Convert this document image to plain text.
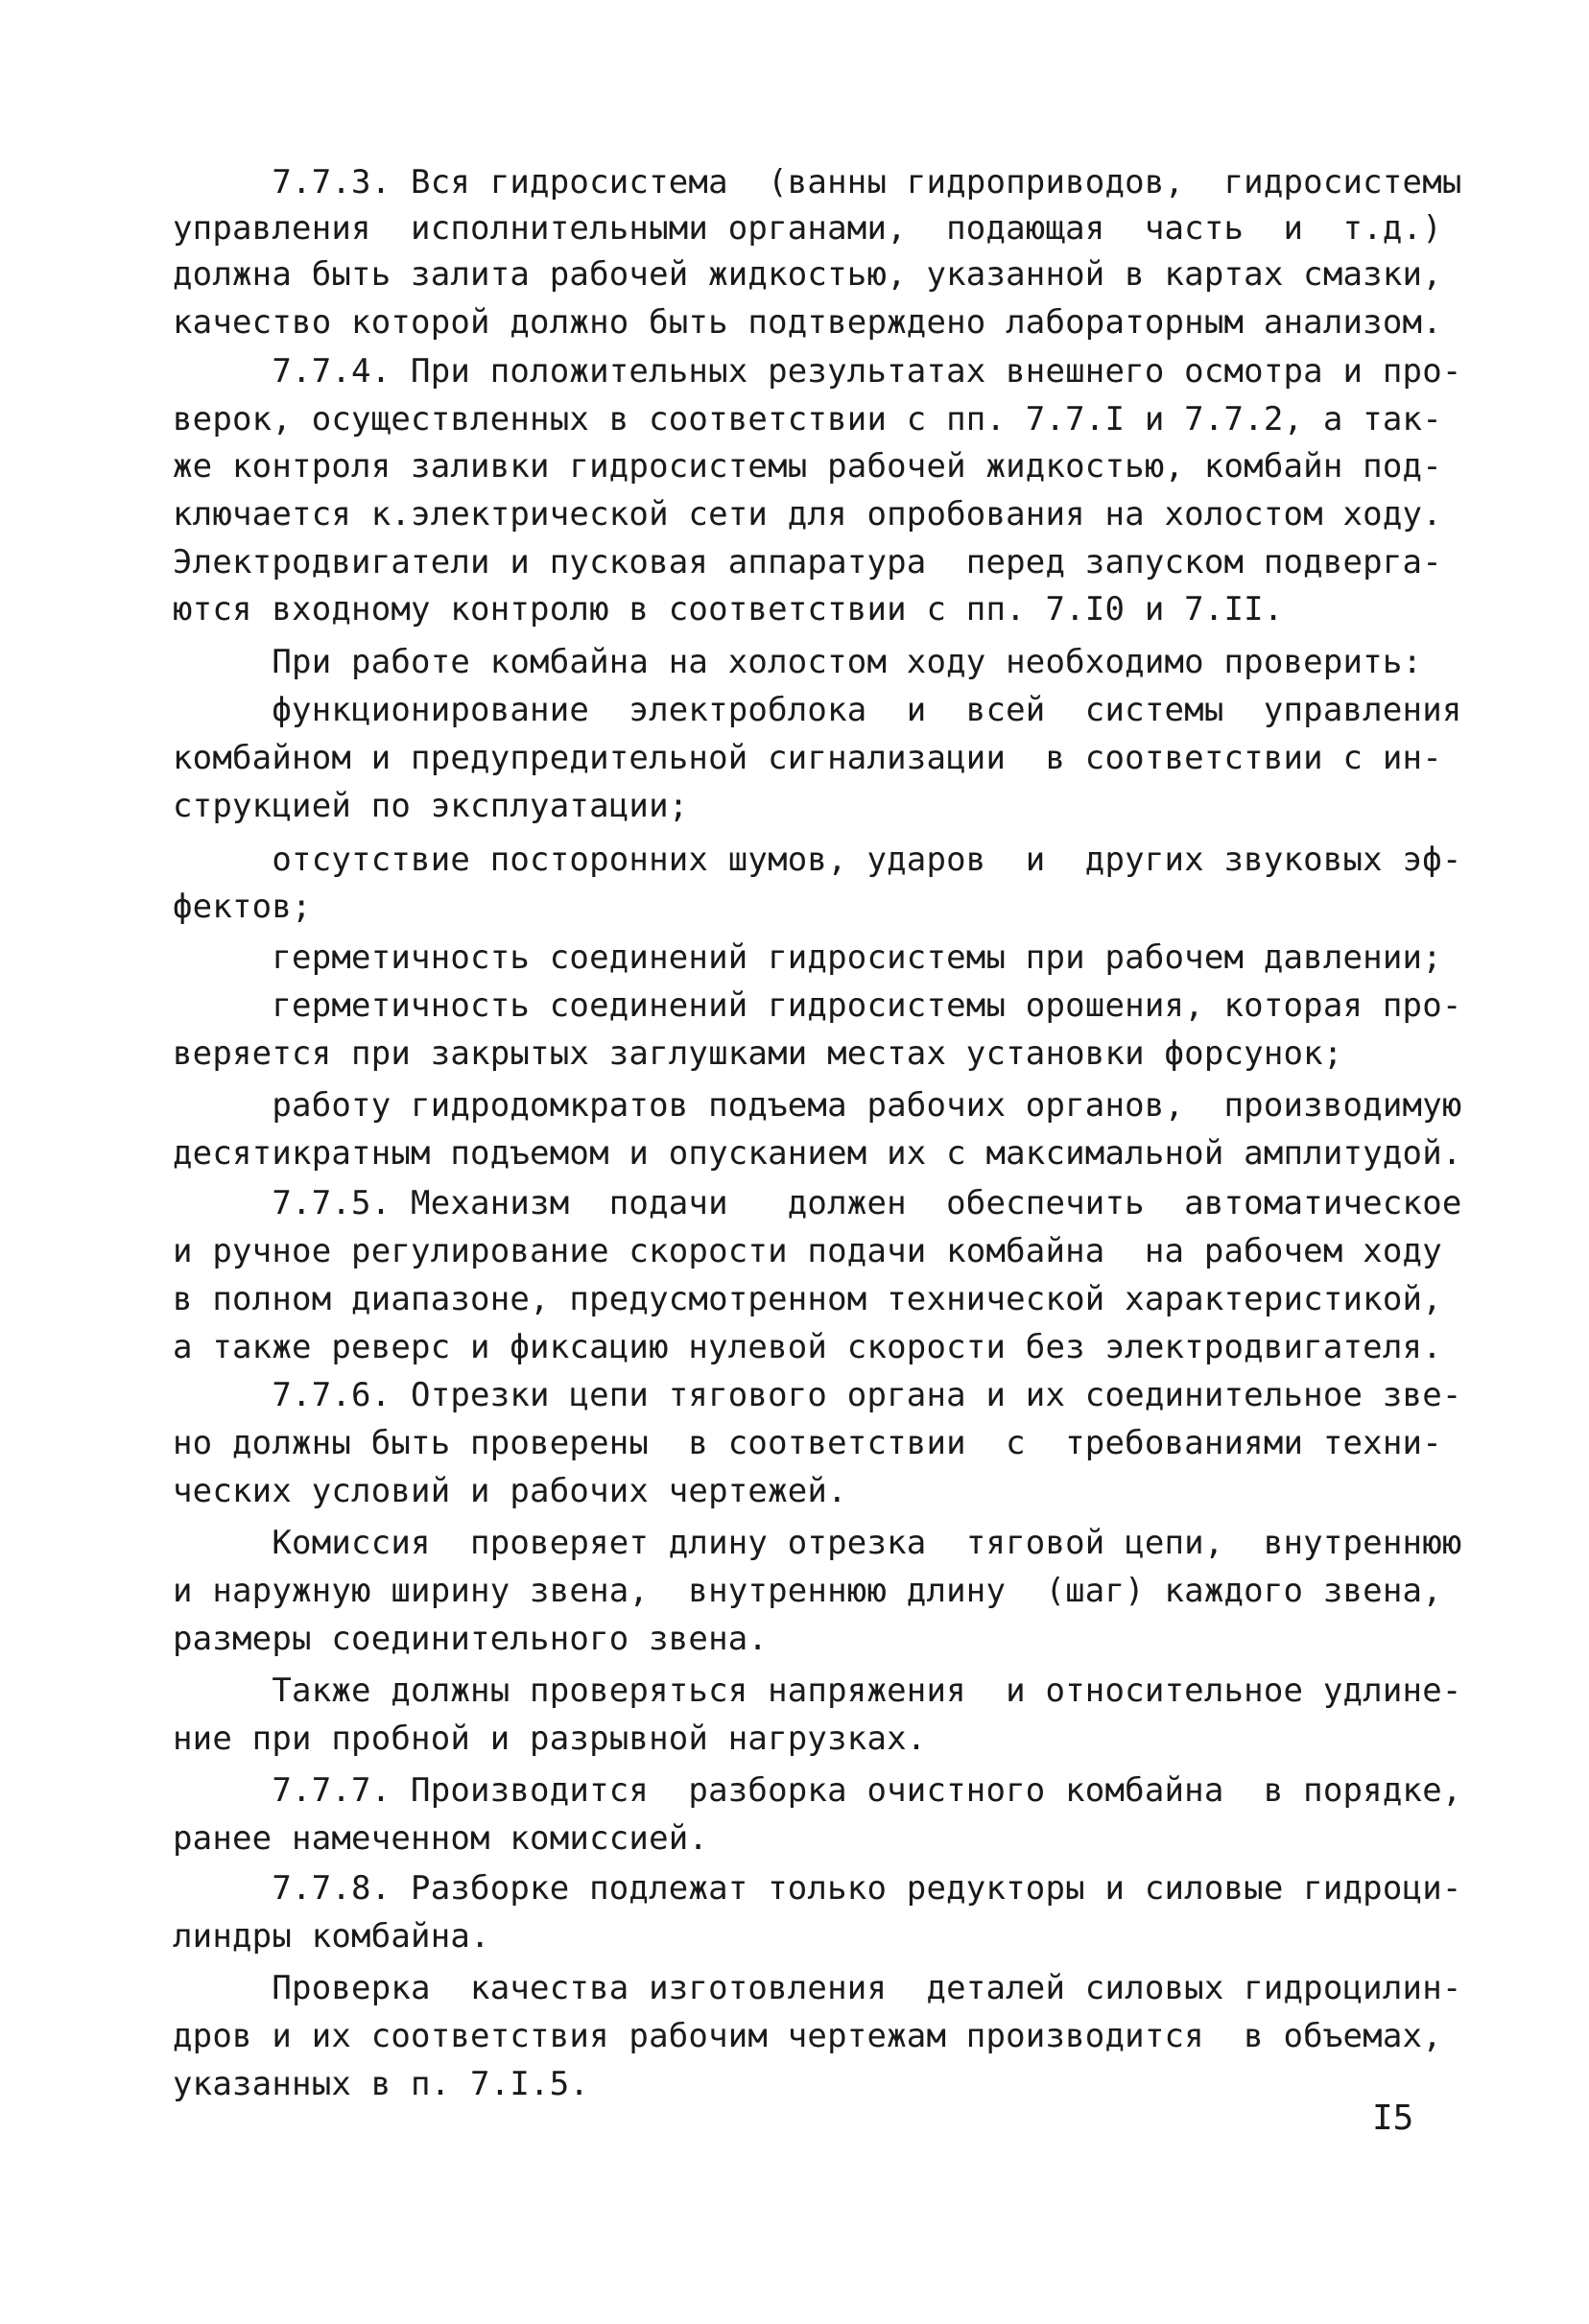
7.7.3. Вся гидросистема  (ванны гидроприводов,  гидросистемы
управления  исполнительными органами,  подающая  часть  и  т.д.)
должна быть залита рабочей жидкостью, указанной в картах смазки,
качество которой должно быть подтверждено лабораторным анализом.
7.7.4. При положительных результатах внешнего осмотра и про-
верок, осуществленных в соответствии с пп. 7.7.I и 7.7.2, а так-
же контроля заливки гидросистемы рабочей жидкостью, комбайн под-
ключается к.электрической сети для опробования на холостом ходу.
Электродвигатели и пусковая аппаратура  перед запуском подверга-
ются входному контролю в соответствии с пп. 7.I0 и 7.II.
При работе комбайна на холостом ходу необходимо проверить:
функционирование  электроблока  и  всей  системы  управления
комбайном и предупредительной сигнализации  в соответствии с ин-
струкцией по эксплуатации;
отсутствие посторонних шумов, ударов  и  других звуковых эф-
фектов;
герметичность соединений гидросистемы при рабочем давлении;
герметичность соединений гидросистемы орошения, которая про-
веряется при закрытых заглушками местах установки форсунок;
работу гидродомкратов подъема рабочих органов,  производимую
десятикратным подъемом и опусканием их с максимальной амплитудой.
7.7.5. Механизм  подачи   должен  обеспечить  автоматическое
и ручное регулирование скорости подачи комбайна  на рабочем ходу
в полном диапазоне, предусмотренном технической характеристикой,
а также реверс и фиксацию нулевой скорости без электродвигателя.
7.7.6. Отрезки цепи тягового органа и их соединительное зве-
но должны быть проверены  в соответствии  с  требованиями техни-
ческих условий и рабочих чертежей.
Комиссия  проверяет длину отрезка  тяговой цепи,  внутреннюю
и наружную ширину звена,  внутреннюю длину  (шаг) каждого звена,
размеры соединительного звена.
Также должны проверяться напряжения  и относительное удлине-
ние при пробной и разрывной нагрузках.
7.7.7. Производится  разборка очистного комбайна  в порядке,
ранее намеченном комиссией.
7.7.8. Разборке подлежат только редукторы и силовые гидроци-
линдры комбайна.
Проверка  качества изготовления  деталей силовых гидроцилин-
дров и их соответствия рабочим чертежам производится  в объемах,
указанных в п. 7.I.5.
I5
